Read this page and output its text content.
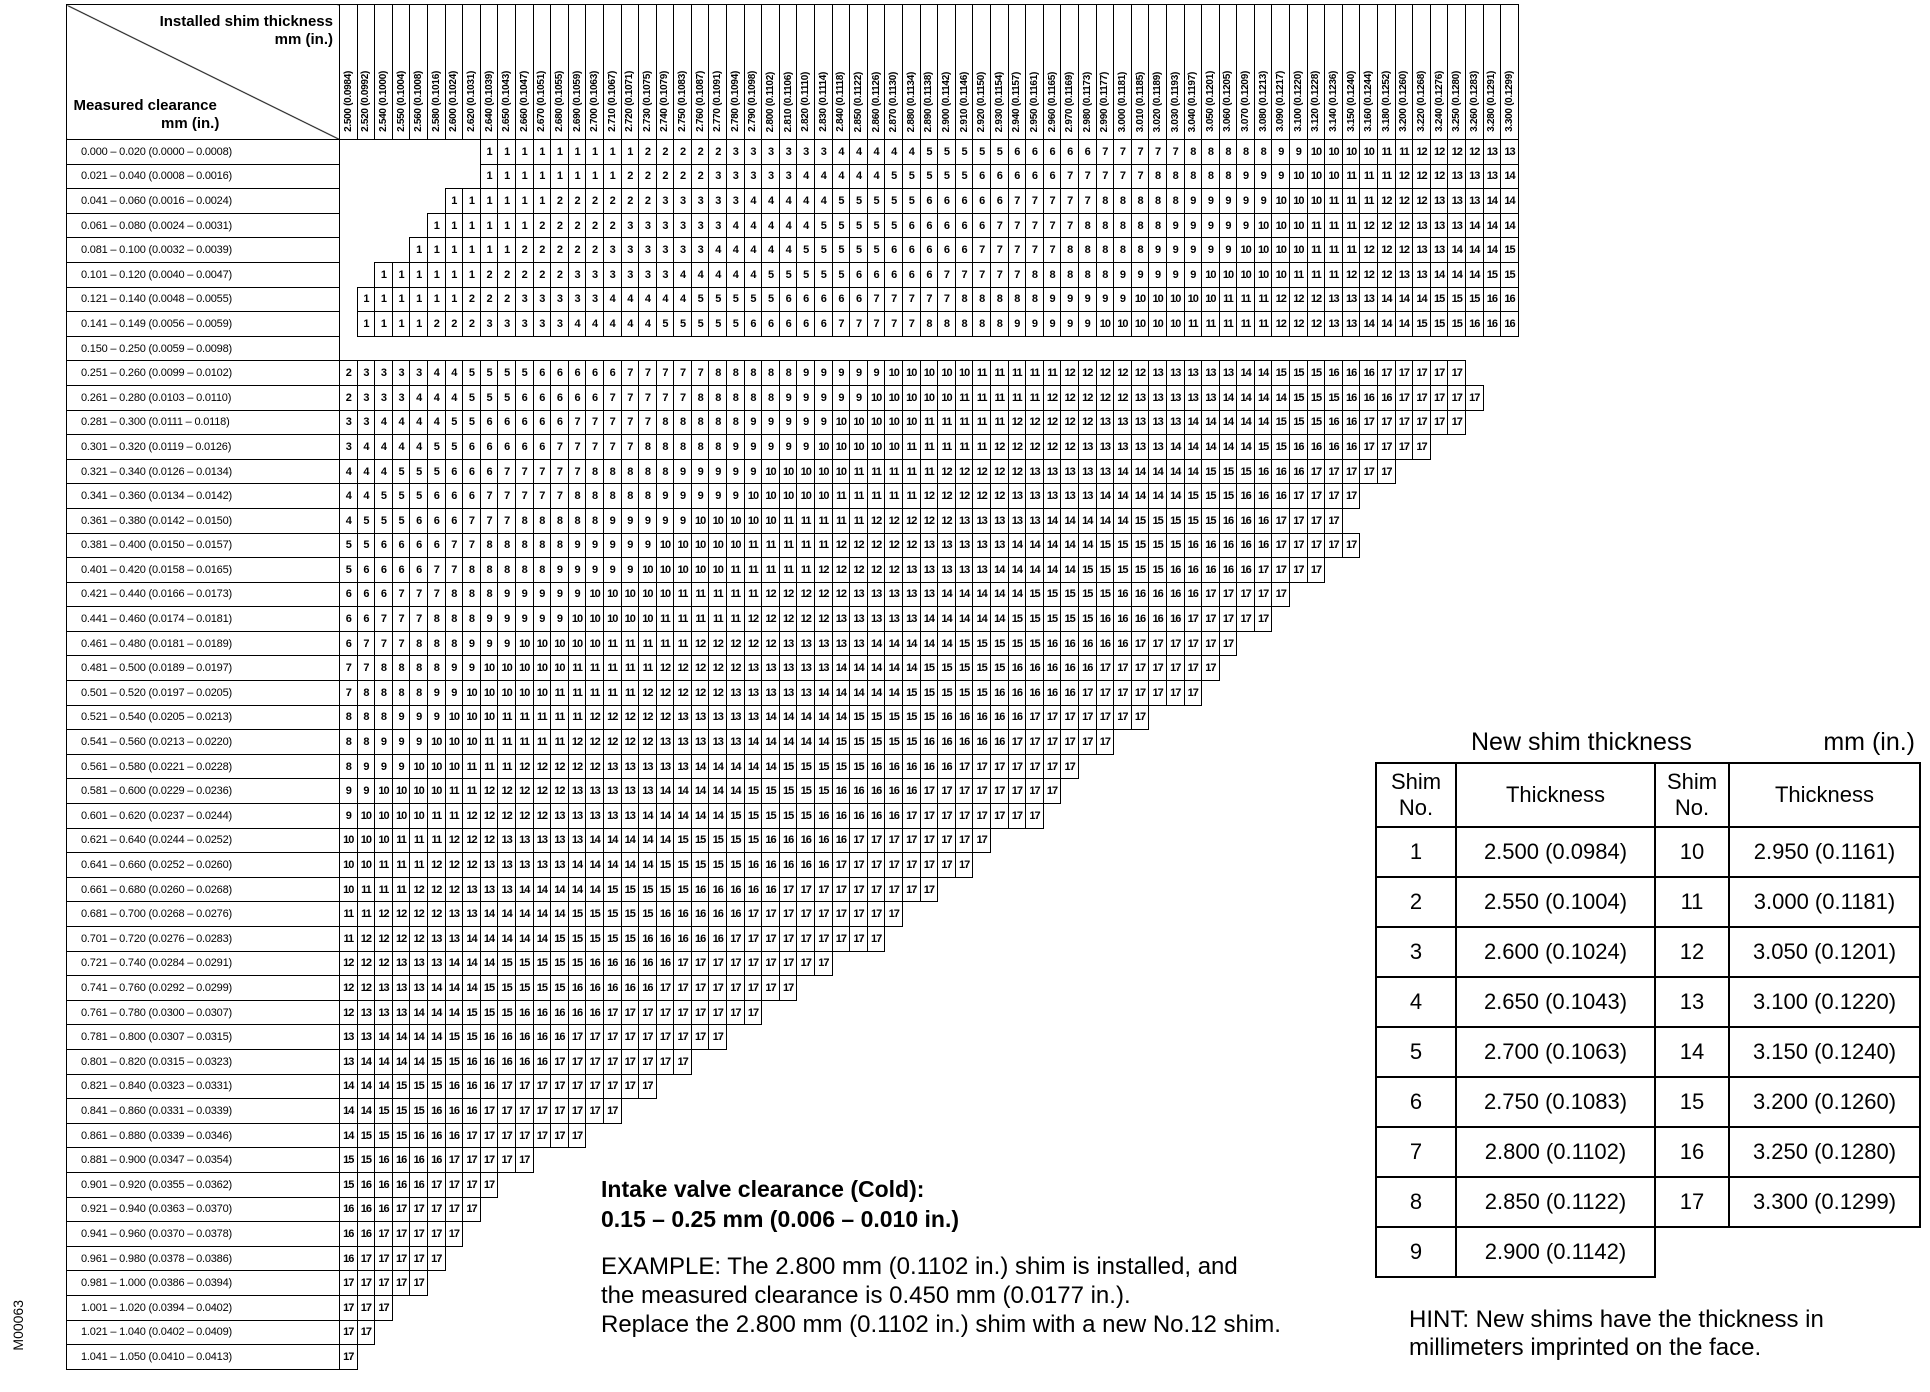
Installed shim thickness
mm (in.)
Measured clearance
mm (in.)	2.500 (0.0984)	2.520 (0.0992)	2.540 (0.1000)	2.550 (0.1004)	2.560 (0.1008)	2.580 (0.1016)	2.600 (0.1024)	2.620 (0.1031)	2.640 (0.1039)	2.650 (0.1043)	2.660 (0.1047)	2.670 (0.1051)	2.680 (0.1055)	2.690 (0.1059)	2.700 (0.1063)	2.710 (0.1067)	2.720 (0.1071)	2.730 (0.1075)	2.740 (0.1079)	2.750 (0.1083)	2.760 (0.1087)	2.770 (0.1091)	2.780 (0.1094)	2.790 (0.1098)	2.800 (0.1102)	2.810 (0.1106)	2.820 (0.1110)	2.830 (0.1114)	2.840 (0.1118)	2.850 (0.1122)	2.860 (0.1126)	2.870 (0.1130)	2.880 (0.1134)	2.890 (0.1138)	2.900 (0.1142)	2.910 (0.1146)	2.920 (0.1150)	2.930 (0.1154)	2.940 (0.1157)	2.950 (0.1161)	2.960 (0.1165)	2.970 (0.1169)	2.980 (0.1173)	2.990 (0.1177)	3.000 (0.1181)	3.010 (0.1185)	3.020 (0.1189)	3.030 (0.1193)	3.040 (0.1197)	3.050 (0.1201)	3.060 (0.1205)	3.070 (0.1209)	3.080 (0.1213)	3.090 (0.1217)	3.100 (0.1220)	3.120 (0.1228)	3.140 (0.1236)	3.150 (0.1240)	3.160 (0.1244)	3.180 (0.1252)	3.200 (0.1260)	3.220 (0.1268)	3.240 (0.1276)	3.250 (0.1280)	3.260 (0.1283)	3.280 (0.1291)	3.300 (0.1299)
0.000 – 0.020 (0.0000 – 0.0008)									1	1	1	1	1	1	1	1	1	2	2	2	2	2	3	3	3	3	3	3	4	4	4	4	4	5	5	5	5	5	6	6	6	6	6	7	7	7	7	7	8	8	8	8	8	9	9	10	10	10	10	11	11	12	12	12	12	13	13
0.021 – 0.040 (0.0008 – 0.0016)									1	1	1	1	1	1	1	1	2	2	2	2	2	3	3	3	3	3	4	4	4	4	4	5	5	5	5	5	6	6	6	6	6	7	7	7	7	7	8	8	8	8	8	9	9	9	10	10	10	11	11	11	12	12	12	13	13	13	14
0.041 – 0.060 (0.0016 – 0.0024)							1	1	1	1	1	1	2	2	2	2	2	2	3	3	3	3	3	4	4	4	4	4	5	5	5	5	5	6	6	6	6	6	7	7	7	7	7	8	8	8	8	8	9	9	9	9	9	10	10	10	11	11	11	12	12	12	13	13	13	14	14
0.061 – 0.080 (0.0024 – 0.0031)						1	1	1	1	1	1	2	2	2	2	2	3	3	3	3	3	3	4	4	4	4	4	5	5	5	5	5	6	6	6	6	6	7	7	7	7	7	8	8	8	8	8	9	9	9	9	9	10	10	10	11	11	11	12	12	12	13	13	13	14	14	14
0.081 – 0.100 (0.0032 – 0.0039)					1	1	1	1	1	1	2	2	2	2	2	3	3	3	3	3	3	4	4	4	4	4	5	5	5	5	5	6	6	6	6	6	7	7	7	7	7	8	8	8	8	8	9	9	9	9	9	10	10	10	10	11	11	11	12	12	12	13	13	14	14	14	15
0.101 – 0.120 (0.0040 – 0.0047)			1	1	1	1	1	1	2	2	2	2	2	3	3	3	3	3	3	4	4	4	4	4	5	5	5	5	5	6	6	6	6	6	7	7	7	7	7	8	8	8	8	8	9	9	9	9	9	10	10	10	10	10	11	11	11	12	12	12	13	13	14	14	14	15	15
0.121 – 0.140 (0.0048 – 0.0055)		1	1	1	1	1	1	2	2	2	3	3	3	3	3	4	4	4	4	4	5	5	5	5	5	6	6	6	6	6	7	7	7	7	7	8	8	8	8	8	9	9	9	9	9	10	10	10	10	10	11	11	11	12	12	12	13	13	13	14	14	14	15	15	15	16	16
0.141 – 0.149 (0.0056 – 0.0059)		1	1	1	1	2	2	2	3	3	3	3	3	4	4	4	4	4	5	5	5	5	5	6	6	6	6	6	7	7	7	7	7	8	8	8	8	8	9	9	9	9	9	10	10	10	10	10	11	11	11	11	11	12	12	12	13	13	14	14	14	15	15	15	16	16	16
0.150 – 0.250 (0.0059 – 0.0098)	
0.251 – 0.260 (0.0099 – 0.0102)	2	3	3	3	3	4	4	5	5	5	5	6	6	6	6	6	7	7	7	7	7	8	8	8	8	8	9	9	9	9	9	10	10	10	10	10	11	11	11	11	11	12	12	12	12	12	13	13	13	13	13	14	14	15	15	15	16	16	16	17	17	17	17	17			
0.261 – 0.280 (0.0103 – 0.0110)	2	3	3	3	4	4	4	5	5	5	6	6	6	6	6	7	7	7	7	7	8	8	8	8	8	9	9	9	9	9	10	10	10	10	10	11	11	11	11	11	12	12	12	12	12	13	13	13	13	13	14	14	14	14	15	15	15	16	16	16	17	17	17	17	17		
0.281 – 0.300 (0.0111 – 0.0118)	3	3	4	4	4	4	5	5	6	6	6	6	6	7	7	7	7	7	8	8	8	8	8	9	9	9	9	9	10	10	10	10	10	11	11	11	11	11	12	12	12	12	12	13	13	13	13	13	14	14	14	14	14	15	15	15	16	16	17	17	17	17	17	17			
0.301 – 0.320 (0.0119 – 0.0126)	3	4	4	4	4	5	5	6	6	6	6	6	7	7	7	7	7	8	8	8	8	8	9	9	9	9	9	10	10	10	10	10	11	11	11	11	11	12	12	12	12	12	13	13	13	13	13	14	14	14	14	14	15	15	16	16	16	16	17	17	17	17					
0.321 – 0.340 (0.0126 – 0.0134)	4	4	4	5	5	5	6	6	6	7	7	7	7	7	8	8	8	8	8	9	9	9	9	9	10	10	10	10	10	11	11	11	11	11	12	12	12	12	12	13	13	13	13	13	14	14	14	14	14	15	15	15	16	16	16	17	17	17	17	17							
0.341 – 0.360 (0.0134 – 0.0142)	4	4	5	5	5	6	6	6	7	7	7	7	7	8	8	8	8	8	9	9	9	9	9	10	10	10	10	10	11	11	11	11	11	12	12	12	12	12	13	13	13	13	13	14	14	14	14	14	15	15	15	16	16	16	17	17	17	17									
0.361 – 0.380 (0.0142 – 0.0150)	4	5	5	5	6	6	6	7	7	7	8	8	8	8	8	9	9	9	9	9	10	10	10	10	10	11	11	11	11	11	12	12	12	12	12	13	13	13	13	13	14	14	14	14	14	15	15	15	15	15	16	16	16	17	17	17	17										
0.381 – 0.400 (0.0150 – 0.0157)	5	5	6	6	6	6	7	7	8	8	8	8	8	9	9	9	9	9	10	10	10	10	10	11	11	11	11	11	12	12	12	12	12	13	13	13	13	13	14	14	14	14	14	15	15	15	15	15	16	16	16	16	16	17	17	17	17	17									
0.401 – 0.420 (0.0158 – 0.0165)	5	6	6	6	6	7	7	8	8	8	8	8	9	9	9	9	9	10	10	10	10	10	11	11	11	11	11	12	12	12	12	12	13	13	13	13	13	14	14	14	14	14	15	15	15	15	15	16	16	16	16	16	17	17	17	17											
0.421 – 0.440 (0.0166 – 0.0173)	6	6	6	7	7	7	8	8	8	9	9	9	9	9	10	10	10	10	10	11	11	11	11	11	12	12	12	12	12	13	13	13	13	13	14	14	14	14	14	15	15	15	15	15	16	16	16	16	16	17	17	17	17	17													
0.441 – 0.460 (0.0174 – 0.0181)	6	6	7	7	7	8	8	8	9	9	9	9	9	10	10	10	10	10	11	11	11	11	11	12	12	12	12	12	13	13	13	13	13	14	14	14	14	14	15	15	15	15	15	16	16	16	16	16	17	17	17	17	17														
0.461 – 0.480 (0.0181 – 0.0189)	6	7	7	7	8	8	8	9	9	9	10	10	10	10	10	11	11	11	11	11	12	12	12	12	12	13	13	13	13	13	14	14	14	14	14	15	15	15	15	15	16	16	16	16	16	17	17	17	17	17	17																
0.481 – 0.500 (0.0189 – 0.0197)	7	7	8	8	8	8	9	9	10	10	10	10	10	11	11	11	11	11	12	12	12	12	12	13	13	13	13	13	14	14	14	14	14	15	15	15	15	15	16	16	16	16	16	17	17	17	17	17	17	17																	
0.501 – 0.520 (0.0197 – 0.0205)	7	8	8	8	8	9	9	10	10	10	10	10	11	11	11	11	11	12	12	12	12	12	13	13	13	13	13	14	14	14	14	14	15	15	15	15	15	16	16	16	16	16	17	17	17	17	17	17	17																		
0.521 – 0.540 (0.0205 – 0.0213)	8	8	8	9	9	9	10	10	10	11	11	11	11	11	12	12	12	12	12	13	13	13	13	13	14	14	14	14	14	15	15	15	15	15	16	16	16	16	16	17	17	17	17	17	17	17																					
0.541 – 0.560 (0.0213 – 0.0220)	8	8	9	9	9	10	10	10	11	11	11	11	11	12	12	12	12	12	13	13	13	13	13	14	14	14	14	14	15	15	15	15	15	16	16	16	16	16	17	17	17	17	17	17																							
0.561 – 0.580 (0.0221 – 0.0228)	8	9	9	9	10	10	10	11	11	11	12	12	12	12	12	13	13	13	13	13	14	14	14	14	14	15	15	15	15	15	16	16	16	16	16	17	17	17	17	17	17	17																									
0.581 – 0.600 (0.0229 – 0.0236)	9	9	10	10	10	10	11	11	12	12	12	12	12	13	13	13	13	13	14	14	14	14	14	15	15	15	15	15	16	16	16	16	16	17	17	17	17	17	17	17	17																										
0.601 – 0.620 (0.0237 – 0.0244)	9	10	10	10	10	11	11	12	12	12	12	12	13	13	13	13	13	14	14	14	14	14	15	15	15	15	15	16	16	16	16	16	17	17	17	17	17	17	17	17																											
0.621 – 0.640 (0.0244 – 0.0252)	10	10	10	11	11	11	12	12	12	13	13	13	13	13	14	14	14	14	14	15	15	15	15	15	16	16	16	16	16	17	17	17	17	17	17	17	17																														
0.641 – 0.660 (0.0252 – 0.0260)	10	10	11	11	11	12	12	12	13	13	13	13	13	14	14	14	14	14	15	15	15	15	15	16	16	16	16	16	17	17	17	17	17	17	17	17																															
0.661 – 0.680 (0.0260 – 0.0268)	10	11	11	11	12	12	12	13	13	13	14	14	14	14	14	15	15	15	15	15	16	16	16	16	16	17	17	17	17	17	17	17	17	17																																	
0.681 – 0.700 (0.0268 – 0.0276)	11	11	12	12	12	12	13	13	14	14	14	14	14	15	15	15	15	15	16	16	16	16	16	17	17	17	17	17	17	17	17	17																																			
0.701 – 0.720 (0.0276 – 0.0283)	11	12	12	12	12	13	13	14	14	14	14	14	15	15	15	15	15	16	16	16	16	16	17	17	17	17	17	17	17	17	17																																				
0.721 – 0.740 (0.0284 – 0.0291)	12	12	12	13	13	13	14	14	14	15	15	15	15	15	16	16	16	16	16	17	17	17	17	17	17	17	17	17																																							
0.741 – 0.760 (0.0292 – 0.0299)	12	12	13	13	13	14	14	14	15	15	15	15	15	16	16	16	16	16	17	17	17	17	17	17	17	17																																									
0.761 – 0.780 (0.0300 – 0.0307)	12	13	13	13	14	14	14	15	15	15	16	16	16	16	16	17	17	17	17	17	17	17	17	17																																											
0.781 – 0.800 (0.0307 – 0.0315)	13	13	14	14	14	14	15	15	16	16	16	16	16	17	17	17	17	17	17	17	17	17																																													
0.801 – 0.820 (0.0315 – 0.0323)	13	14	14	14	14	15	15	16	16	16	16	16	17	17	17	17	17	17	17	17																																															
0.821 – 0.840 (0.0323 – 0.0331)	14	14	14	15	15	15	16	16	16	17	17	17	17	17	17	17	17	17																																																	
0.841 – 0.860 (0.0331 – 0.0339)	14	14	15	15	15	16	16	16	17	17	17	17	17	17	17	17																																																			
0.861 – 0.880 (0.0339 – 0.0346)	14	15	15	15	16	16	16	17	17	17	17	17	17	17																																																					
0.881 – 0.900 (0.0347 – 0.0354)	15	15	16	16	16	16	17	17	17	17	17																																																								
0.901 – 0.920 (0.0355 – 0.0362)	15	16	16	16	16	17	17	17	17																																																										
0.921 – 0.940 (0.0363 – 0.0370)	16	16	16	17	17	17	17	17																																																											
0.941 – 0.960 (0.0370 – 0.0378)	16	16	17	17	17	17	17																																																												
0.961 – 0.980 (0.0378 – 0.0386)	16	17	17	17	17	17																																																													
0.981 – 1.000 (0.0386 – 0.0394)	17	17	17	17	17																																																														
1.001 – 1.020 (0.0394 – 0.0402)	17	17	17																																																																
1.021 – 1.040 (0.0402 – 0.0409)	17	17																																																																	
1.041 – 1.050 (0.0410 – 0.0413)	17																																																																		
New shim thickness	mm (in.)
Shim
No.	Thickness	Shim
No.	Thickness
1	2.500 (0.0984)	10	2.950 (0.1161)
2	2.550 (0.1004)	11	3.000 (0.1181)
3	2.600 (0.1024)	12	3.050 (0.1201)
4	2.650 (0.1043)	13	3.100 (0.1220)
5	2.700 (0.1063)	14	3.150 (0.1240)
6	2.750 (0.1083)	15	3.200 (0.1260)
7	2.800 (0.1102)	16	3.250 (0.1280)
8	2.850 (0.1122)	17	3.300 (0.1299)
9	2.900 (0.1142)		
Intake valve clearance (Cold):
0.15 – 0.25 mm (0.006 – 0.010 in.)
EXAMPLE: The 2.800 mm (0.1102 in.) shim is installed, and
the measured clearance is 0.450 mm (0.0177 in.).
Replace the 2.800 mm (0.1102 in.) shim with a new No.12 shim.	HINT: New shims have the thickness in
millimeters imprinted on the face.
M00063
